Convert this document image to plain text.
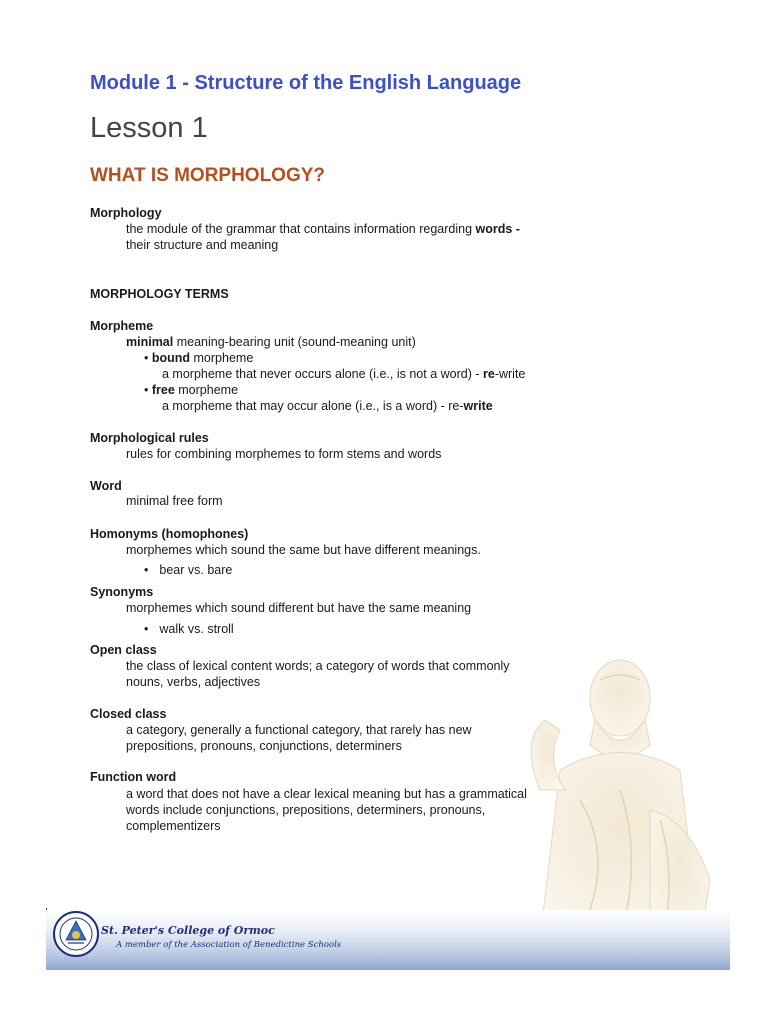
Module 1 - Structure of the English Language
Lesson 1
WHAT IS MORPHOLOGY?
Morphology
the module of the grammar that contains information regarding words -
their structure and meaning
MORPHOLOGY TERMS
Morpheme
minimal meaning-bearing unit (sound-meaning unit)
• bound morpheme
a morpheme that never occurs alone (i.e., is not a word) - re-write
• free morpheme
a morpheme that may occur alone (i.e., is a word) - re-write
Morphological rules
rules for combining morphemes to form stems and words
Word
minimal free form
Homonyms (homophones)
morphemes which sound the same but have different meanings.
• bear vs. bare
Synonyms
morphemes which sound different but have the same meaning
• walk vs. stroll
Open class
the class of lexical content words; a category of words that commonly
nouns, verbs, adjectives
Closed class
a category, generally a functional category, that rarely has new
prepositions, pronouns, conjunctions, determiners
Function word
a word that does not have a clear lexical meaning but has a grammatical
words include conjunctions, prepositions, determiners, pronouns,
complementizers

St. Peter's College of Ormoc

A member of the Association of Benedictine Schools
